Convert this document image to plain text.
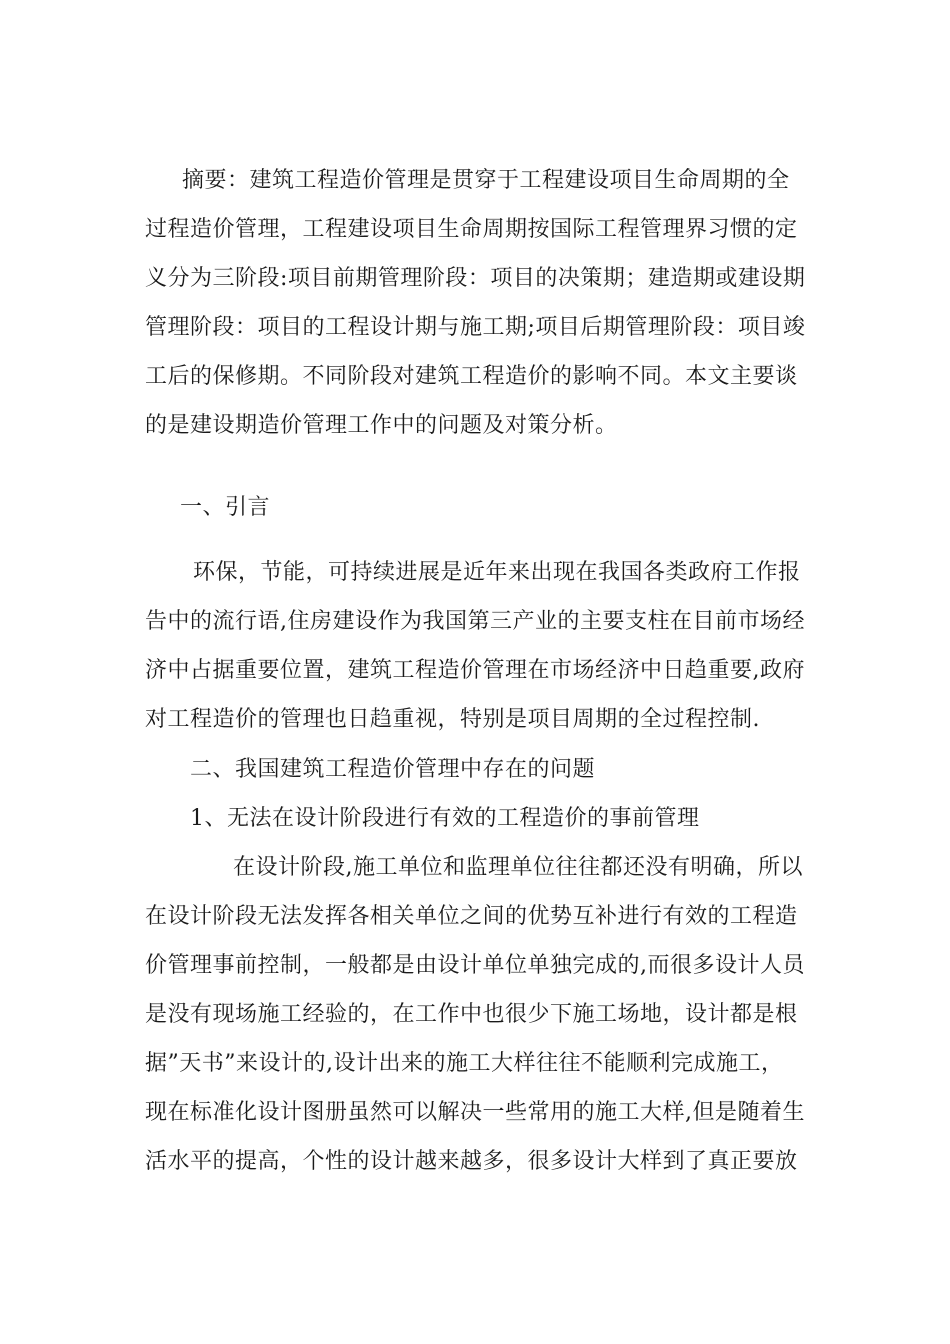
摘要：建筑工程造价管理是贯穿于工程建设项目生命周期的全
过程造价管理，工程建设项目生命周期按国际工程管理界习惯的定
义分为三阶段:项目前期管理阶段：项目的决策期；建造期或建设期
管理阶段：项目的工程设计期与施工期;项目后期管理阶段：项目竣
工后的保修期。不同阶段对建筑工程造价的影响不同。本文主要谈
的是建设期造价管理工作中的问题及对策分析。
一、引言
环保，节能，可持续进展是近年来出现在我国各类政府工作报
告中的流行语,住房建设作为我国第三产业的主要支柱在目前市场经
济中占据重要位置，建筑工程造价管理在市场经济中日趋重要,政府
对工程造价的管理也日趋重视，特别是项目周期的全过程控制.
二、我国建筑工程造价管理中存在的问题
1、无法在设计阶段进行有效的工程造价的事前管理
在设计阶段,施工单位和监理单位往往都还没有明确，所以
在设计阶段无法发挥各相关单位之间的优势互补进行有效的工程造
价管理事前控制，一般都是由设计单位单独完成的,而很多设计人员
是没有现场施工经验的，在工作中也很少下施工场地，设计都是根
据”天书”来设计的,设计出来的施工大样往往不能顺利完成施工，
现在标准化设计图册虽然可以解决一些常用的施工大样,但是随着生
活水平的提高，个性的设计越来越多，很多设计大样到了真正要放
